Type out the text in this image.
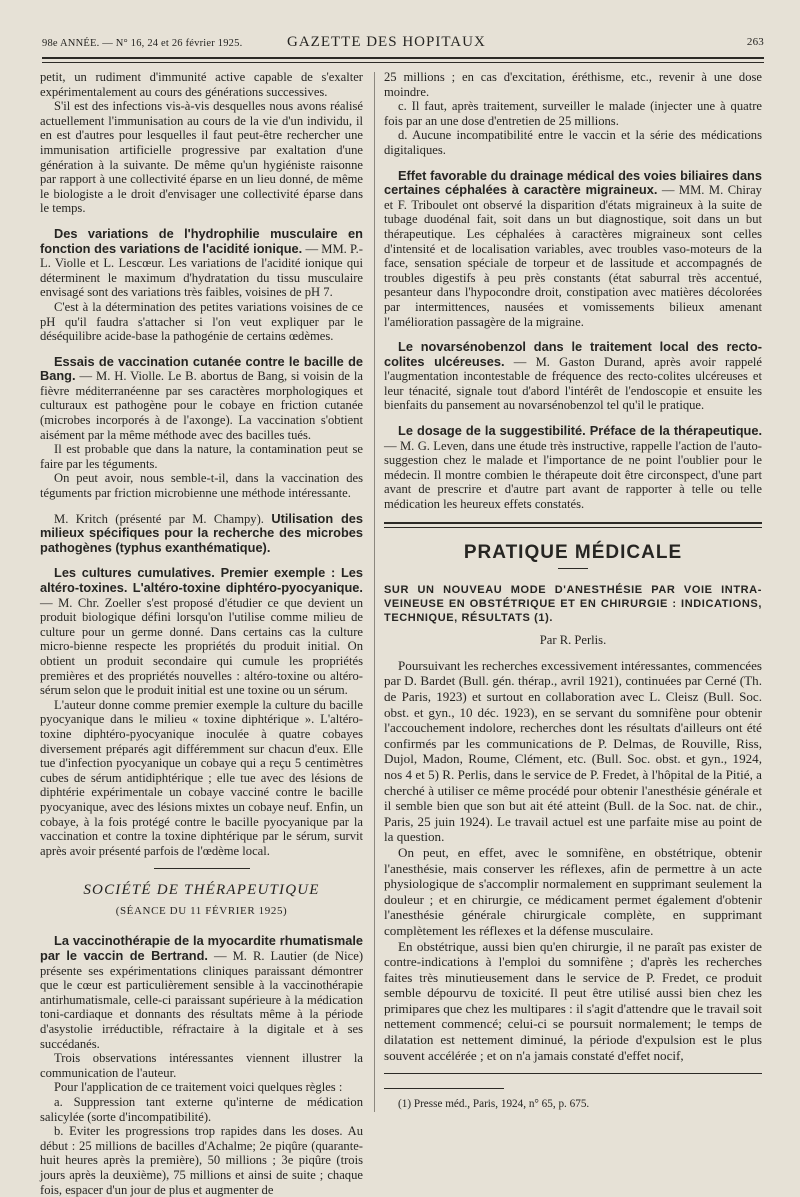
98e ANNÉE. — N° 16, 24 et 26 février 1925.	GAZETTE DES HOPITAUX	263

petit, un rudiment d'immunité active capable de s'exalter expérimentalement au cours des générations successives.

S'il est des infections vis-à-vis desquelles nous avons réalisé actuellement l'immunisation au cours de la vie d'un individu, il en est d'autres pour lesquelles il faut peut-être rechercher une immunisation artificielle progressive par exaltation d'une génération à la suivante. De même qu'un hygiéniste raisonne par rapport à une collectivité éparse en un lieu donné, de même le biologiste a le droit d'envisager une collectivité éparse dans le temps.

Des variations de l'hydrophilie musculaire en fonction des variations de l'acidité ionique. — MM. P.-L. Violle et L. Lescœur. Les variations de l'acidité ionique qui déterminent le maximum d'hydratation du tissu musculaire envisagé sont des variations très faibles, voisines de pH 7.

C'est à la détermination des petites variations voisines de ce pH qu'il faudra s'attacher si l'on veut expliquer par le déséquilibre acide-base la pathogénie de certains œdèmes.

Essais de vaccination cutanée contre le bacille de Bang. — M. H. Violle. Le B. abortus de Bang, si voisin de la fièvre méditerranéenne par ses caractères morphologiques et culturaux est pathogène pour le cobaye en friction cutanée (microbes incorporés à de l'axonge). La vaccination s'obtient aisément par la même méthode avec des bacilles tués.

Il est probable que dans la nature, la contamination peut se faire par les téguments.

On peut avoir, nous semble-t-il, dans la vaccination des téguments par friction microbienne une méthode intéressante.

M. Kritch (présenté par M. Champy). Utilisation des milieux spécifiques pour la recherche des microbes pathogènes (typhus exanthématique).

Les cultures cumulatives. Premier exemple : Les altéro-toxines. L'altéro-toxine diphtéro-pyocyanique. — M. Chr. Zoeller s'est proposé d'étudier ce que devient un produit biologique défini lorsqu'on l'utilise comme milieu de culture pour un germe donné. Dans certains cas la culture micro-bienne respecte les propriétés du produit initial. On obtient un produit secondaire qui cumule les propriétés premières et des propriétés nouvelles : altéro-toxine ou altéro-sérum selon que le produit initial est une toxine ou un sérum.

L'auteur donne comme premier exemple la culture du bacille pyocyanique dans le milieu « toxine diphtérique ». L'altéro-toxine diphtéro-pyocyanique inoculée à quatre cobayes diversement préparés agit différemment sur chacun d'eux. Elle tue d'infection pyocyanique un cobaye qui a reçu 5 centimètres cubes de sérum antidiphtérique ; elle tue avec des lésions de diphtérie expérimentale un cobaye vacciné contre le bacille pyocyanique, avec des lésions mixtes un cobaye neuf. Enfin, un cobaye, à la fois protégé contre le bacille pyocyanique par la vaccination et contre la toxine diphtérique par le sérum, survit après avoir présenté parfois de l'œdème local.

SOCIÉTÉ DE THÉRAPEUTIQUE
(SÉANCE DU 11 FÉVRIER 1925)

La vaccinothérapie de la myocardite rhumatismale par le vaccin de Bertrand. — M. R. Lautier (de Nice) présente ses expérimentations cliniques paraissant démontrer que le cœur est particulièrement sensible à la vaccinothérapie antirhumatismale, celle-ci paraissant supérieure à la médication toni-cardiaque et donnants des résultats même à la période d'asystolie irréductible, réfractaire à la digitale et à ses succédanés.

Trois observations intéressantes viennent illustrer la communication de l'auteur.

Pour l'application de ce traitement voici quelques règles :

a. Suppression tant externe qu'interne de médication salicylée (sorte d'incompatibilité).

b. Eviter les progressions trop rapides dans les doses. Au début : 25 millions de bacilles d'Achalme; 2e piqûre (quarante-huit heures après la première), 50 millions ; 3e piqûre (trois jours après la deuxième), 75 millions et ainsi de suite ; chaque fois, espacer d'un jour de plus et augmenter de

25 millions ; en cas d'excitation, éréthisme, etc., revenir à une dose moindre.

c. Il faut, après traitement, surveiller le malade (injecter une à quatre fois par an une dose d'entretien de 25 millions.

d. Aucune incompatibilité entre le vaccin et la série des médications digitaliques.

Effet favorable du drainage médical des voies biliaires dans certaines céphalées à caractère migraineux. — MM. M. Chiray et F. Triboulet ont observé la disparition d'états migraineux à la suite de tubage duodénal fait, soit dans un but diagnostique, soit dans un but thérapeutique. Les céphalées à caractères migraineux sont celles d'intensité et de localisation variables, avec troubles vaso-moteurs de la face, sensation spéciale de torpeur et de lassitude et accompagnés de troubles digestifs à peu près constants (état saburral très accentué, pesanteur dans l'hypocondre droit, constipation avec matières décolorées par intermittences, nausées et vomissements bilieux amenant l'amélioration passagère de la migraine.

Le novarsénobenzol dans le traitement local des recto-colites ulcéreuses. — M. Gaston Durand, après avoir rappelé l'augmentation incontestable de fréquence des recto-colites ulcéreuses et leur ténacité, signale tout d'abord l'intérêt de l'endoscopie et ensuite les bienfaits du pansement au novarsénobenzol tel qu'il le pratique.

Le dosage de la suggestibilité. Préface de la thérapeutique. — M. G. Leven, dans une étude très instructive, rappelle l'action de l'auto-suggestion chez le malade et l'importance de ne point l'oublier pour le médecin. Il montre combien le thérapeute doit être circonspect, d'une part avant de prescrire et d'autre part avant de rapporter à telle ou telle médication les heureux effets constatés.

PRATIQUE MÉDICALE
SUR UN NOUVEAU MODE D'ANESTHÉSIE PAR VOIE INTRA-VEINEUSE EN OBSTÉTRIQUE ET EN CHIRURGIE : INDICATIONS, TECHNIQUE, RÉSULTATS (1).
Par R. Perlis.

Poursuivant les recherches excessivement intéressantes, commencées par D. Bardet (Bull. gén. thérap., avril 1921), continuées par Cerné (Th. de Paris, 1923) et surtout en collaboration avec L. Cleisz (Bull. Soc. obst. et gyn., 10 déc. 1923), en se servant du somnifène pour obtenir l'accouchement indolore, recherches dont les résultats d'ailleurs ont été confirmés par les communications de P. Delmas, de Rouville, Riss, Dujol, Madon, Roume, Clément, etc. (Bull. Soc. obst. et gyn., 1924, nos 4 et 5) R. Perlis, dans le service de P. Fredet, à l'hôpital de la Pitié, a cherché à utiliser ce même procédé pour obtenir l'anesthésie générale et il semble bien que son but ait été atteint (Bull. de la Soc. nat. de chir., Paris, 25 juin 1924). Le travail actuel est une parfaite mise au point de la question.

On peut, en effet, avec le somnifène, en obstétrique, obtenir l'anesthésie, mais conserver les réflexes, afin de permettre à un acte physiologique de s'accomplir normalement en supprimant seulement la douleur ; et en chirurgie, ce médicament permet également d'obtenir l'anesthésie générale chirurgicale complète, en supprimant complètement les réflexes et la défense musculaire.

En obstétrique, aussi bien qu'en chirurgie, il ne paraît pas exister de contre-indications à l'emploi du somnifène ; d'après les recherches faites très minutieusement dans le service de P. Fredet, ce produit semble dépourvu de toxicité. Il peut être utilisé aussi bien chez les primipares que chez les multipares : il s'agit d'attendre que le travail soit nettement commencé; celui-ci se poursuit normalement; le temps de dilatation est nettement diminué, la période d'expulsion est le plus souvent accélérée ; et on n'a jamais constaté d'effet nocif,

(1) Presse méd., Paris, 1924, n° 65, p. 675.
